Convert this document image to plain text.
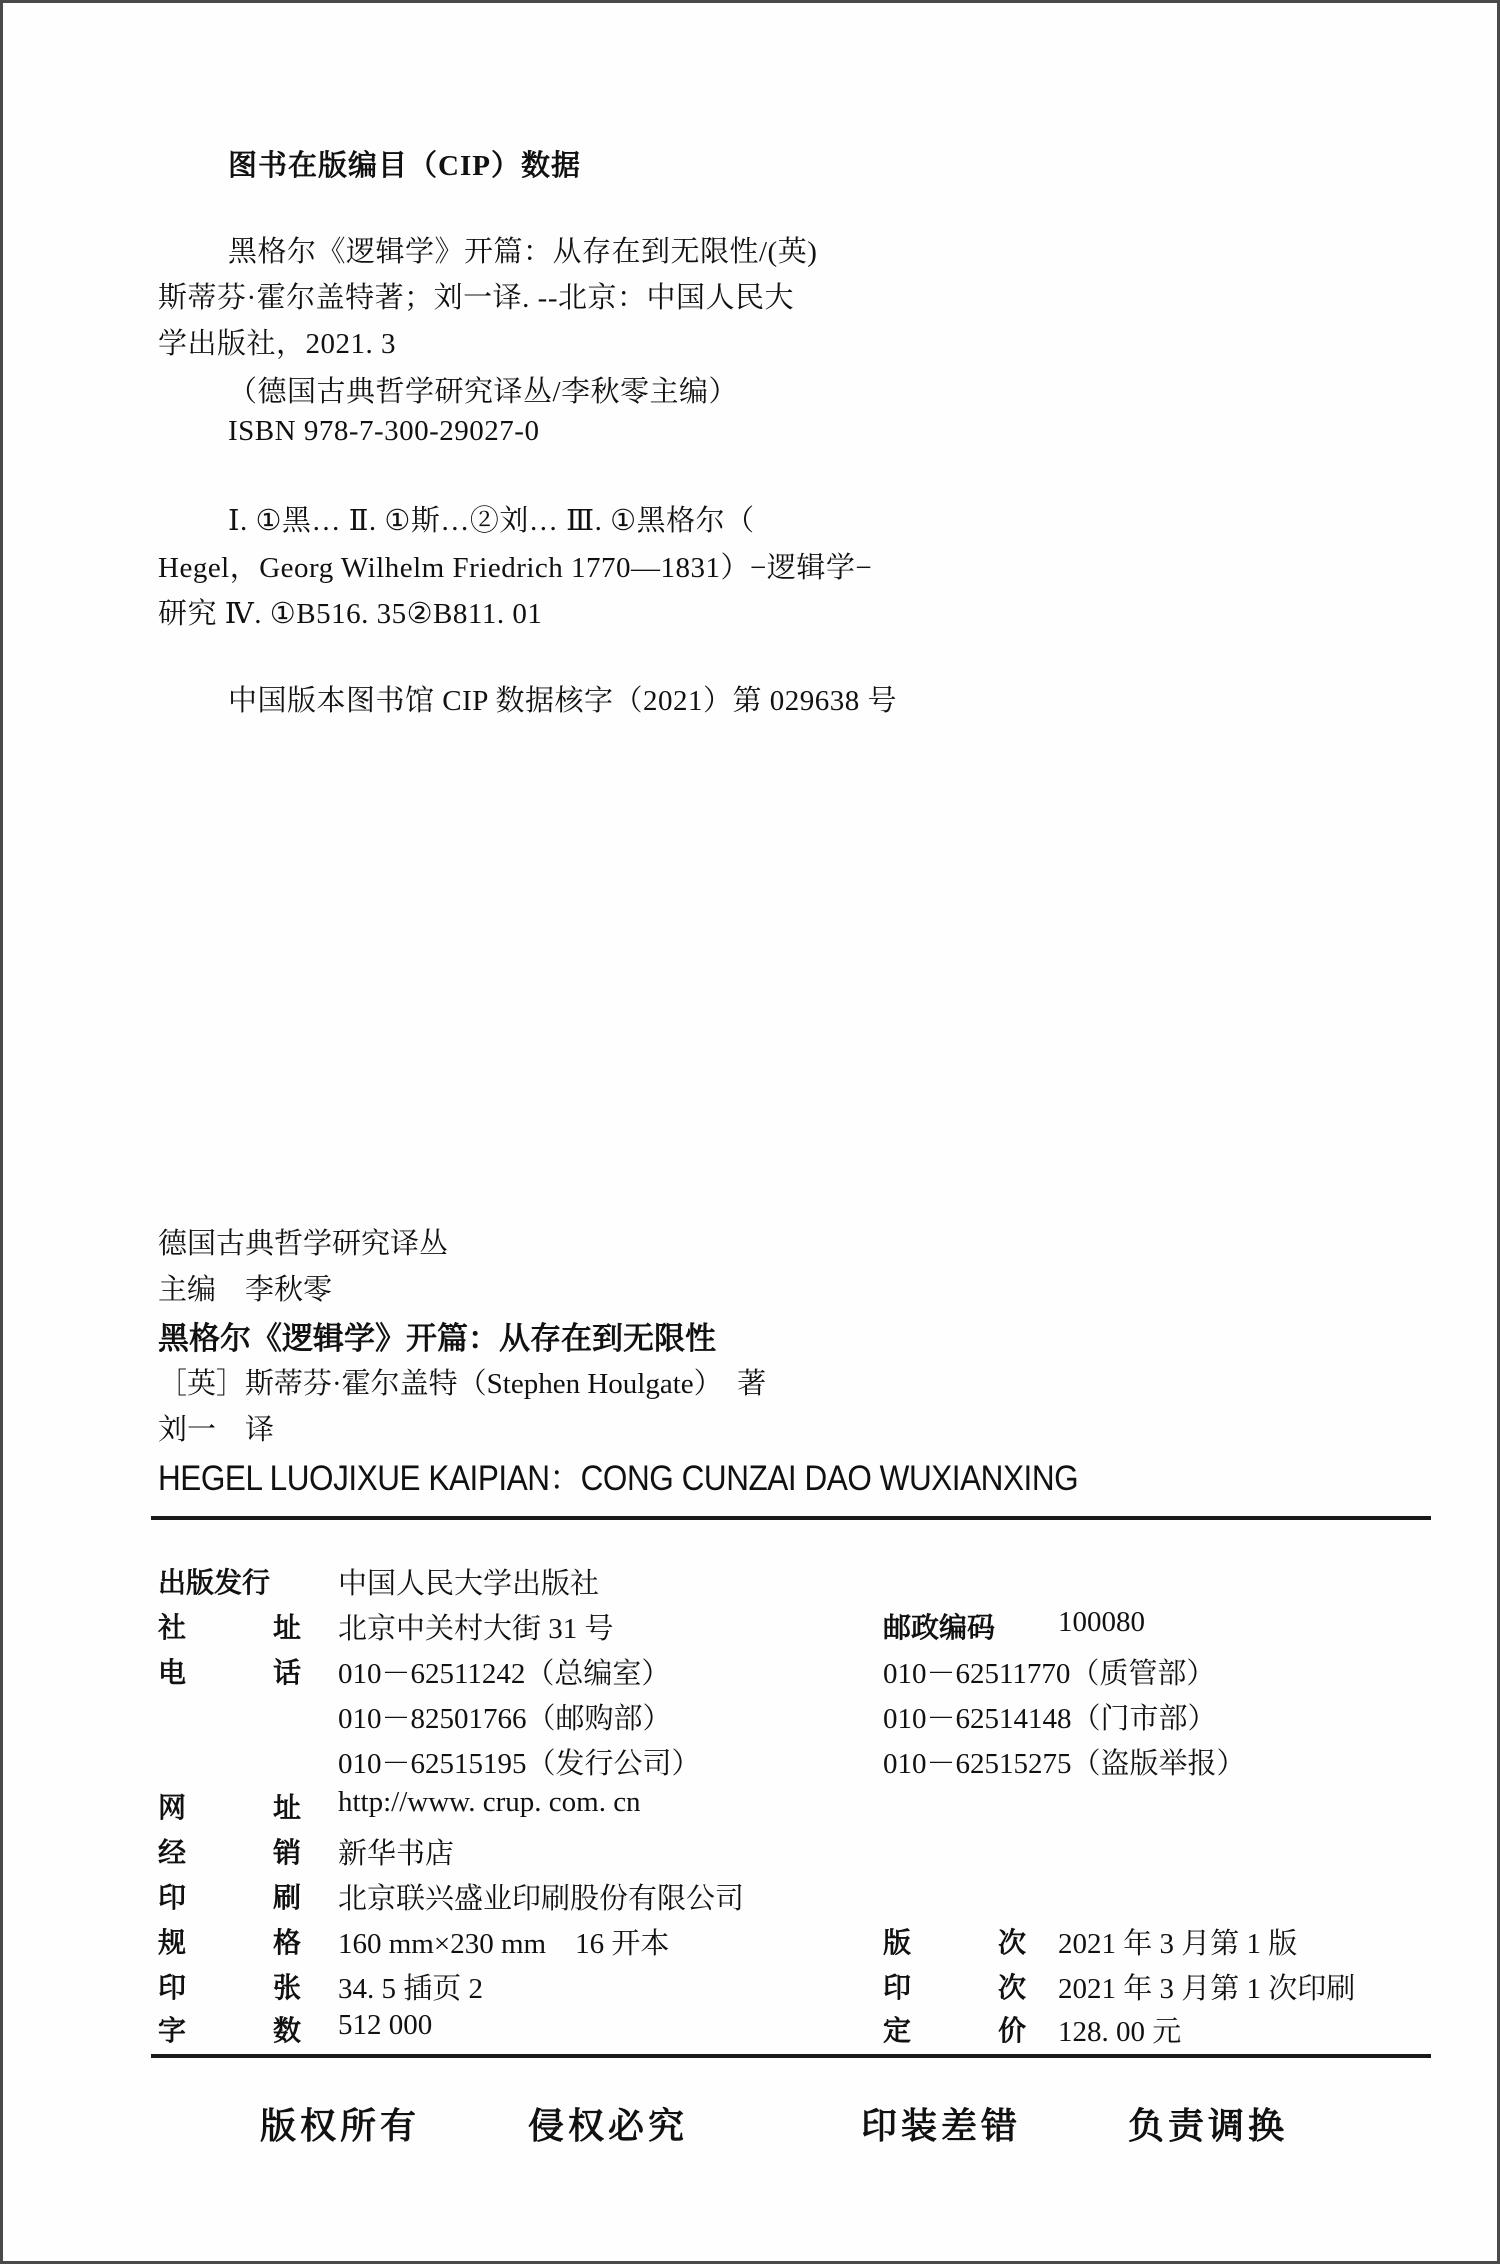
图书在版编目（CIP）数据
黑格尔《逻辑学》开篇：从存在到无限性/(英)
斯蒂芬·霍尔盖特著；刘一译. --北京：中国人民大
学出版社，2021. 3
（德国古典哲学研究译丛/李秋零主编）
ISBN 978-7-300-29027-0
Ⅰ. ①黑… Ⅱ. ①斯…②刘… Ⅲ. ①黑格尔（
Hegel，Georg Wilhelm Friedrich 1770—1831）−逻辑学−
研究 Ⅳ. ①B516. 35②B811. 01
中国版本图书馆 CIP 数据核字（2021）第 029638 号
德国古典哲学研究译丛
主编　李秋零
黑格尔《逻辑学》开篇：从存在到无限性
［英］斯蒂芬·霍尔盖特（Stephen Houlgate）　著
刘一　译
HEGEL LUOJIXUE KAIPIAN：CONG CUNZAI DAO WUXIANXING
出版发行	中国人民大学出版社
社	址 北京中关村大街 31 号	邮政编码	100080
电	话 010－62511242（总编室）	010－62511770（质管部）
010－82501766（邮购部）	010－62514148（门市部）
010－62515195（发行公司）	010－62515275（盗版举报）
网	址 http://www. crup. com. cn
经	销 新华书店
印	刷 北京联兴盛业印刷股份有限公司
规	格 160 mm×230 mm　16 开本	版	次 2021 年 3 月第 1 版
印	张 34. 5 插页 2	印	次 2021 年 3 月第 1 次印刷
字	数 512 000	定	价 128. 00 元
版权所有	侵权必究	印装差错	负责调换
